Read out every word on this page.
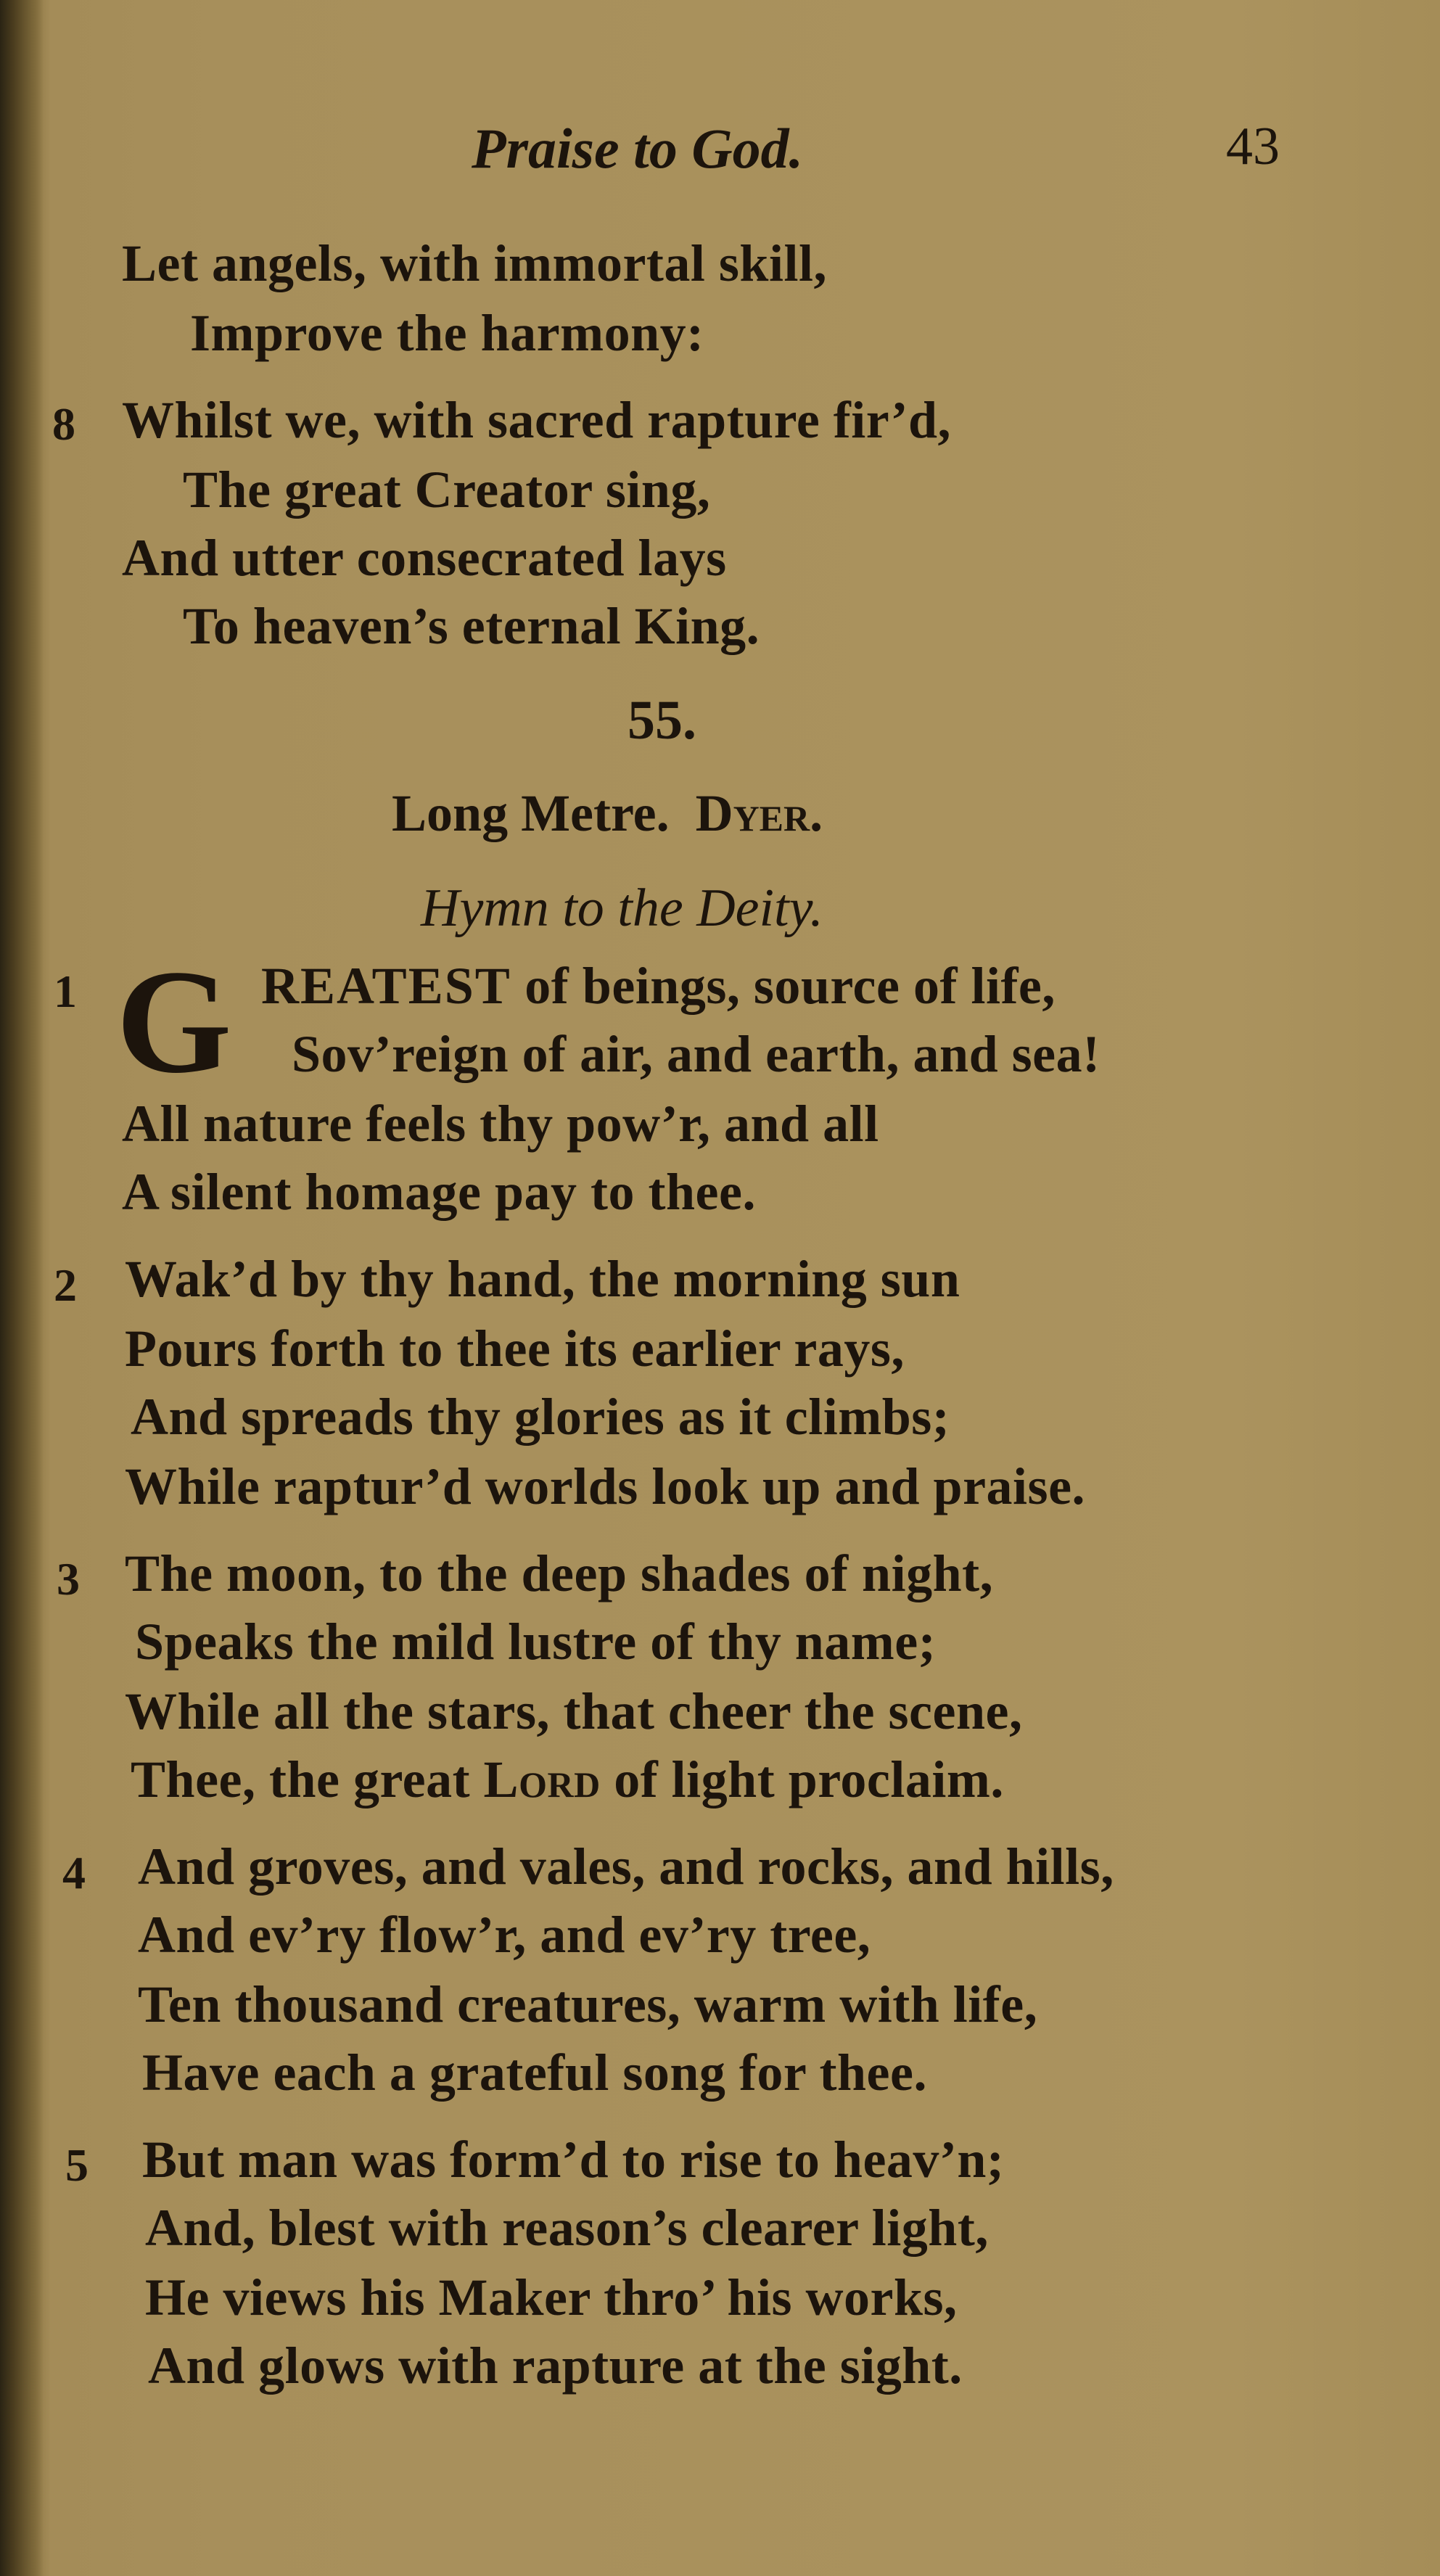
Praise to God.	43
Let angels, with immortal skill,
Improve the harmony:
8 Whilst we, with sacred rapture fir’d,
The great Creator sing,
And utter consecrated lays
To heaven’s eternal King.
55.
Long Metre. Dyer.
Hymn to the Deity.
1 G REATEST of beings, source of life,
Sov’reign of air, and earth, and sea!
All nature feels thy pow’r, and all
A silent homage pay to thee.
2 Wak’d by thy hand, the morning sun
Pours forth to thee its earlier rays,
And spreads thy glories as it climbs;
While raptur’d worlds look up and praise.
3 The moon, to the deep shades of night,
Speaks the mild lustre of thy name;
While all the stars, that cheer the scene,
Thee, the great Lord of light proclaim.
4 And groves, and vales, and rocks, and hills,
And ev’ry flow’r, and ev’ry tree,
Ten thousand creatures, warm with life,
Have each a grateful song for thee.
5 But man was form’d to rise to heav’n;
And, blest with reason’s clearer light,
He views his Maker thro’ his works,
And glows with rapture at the sight.
